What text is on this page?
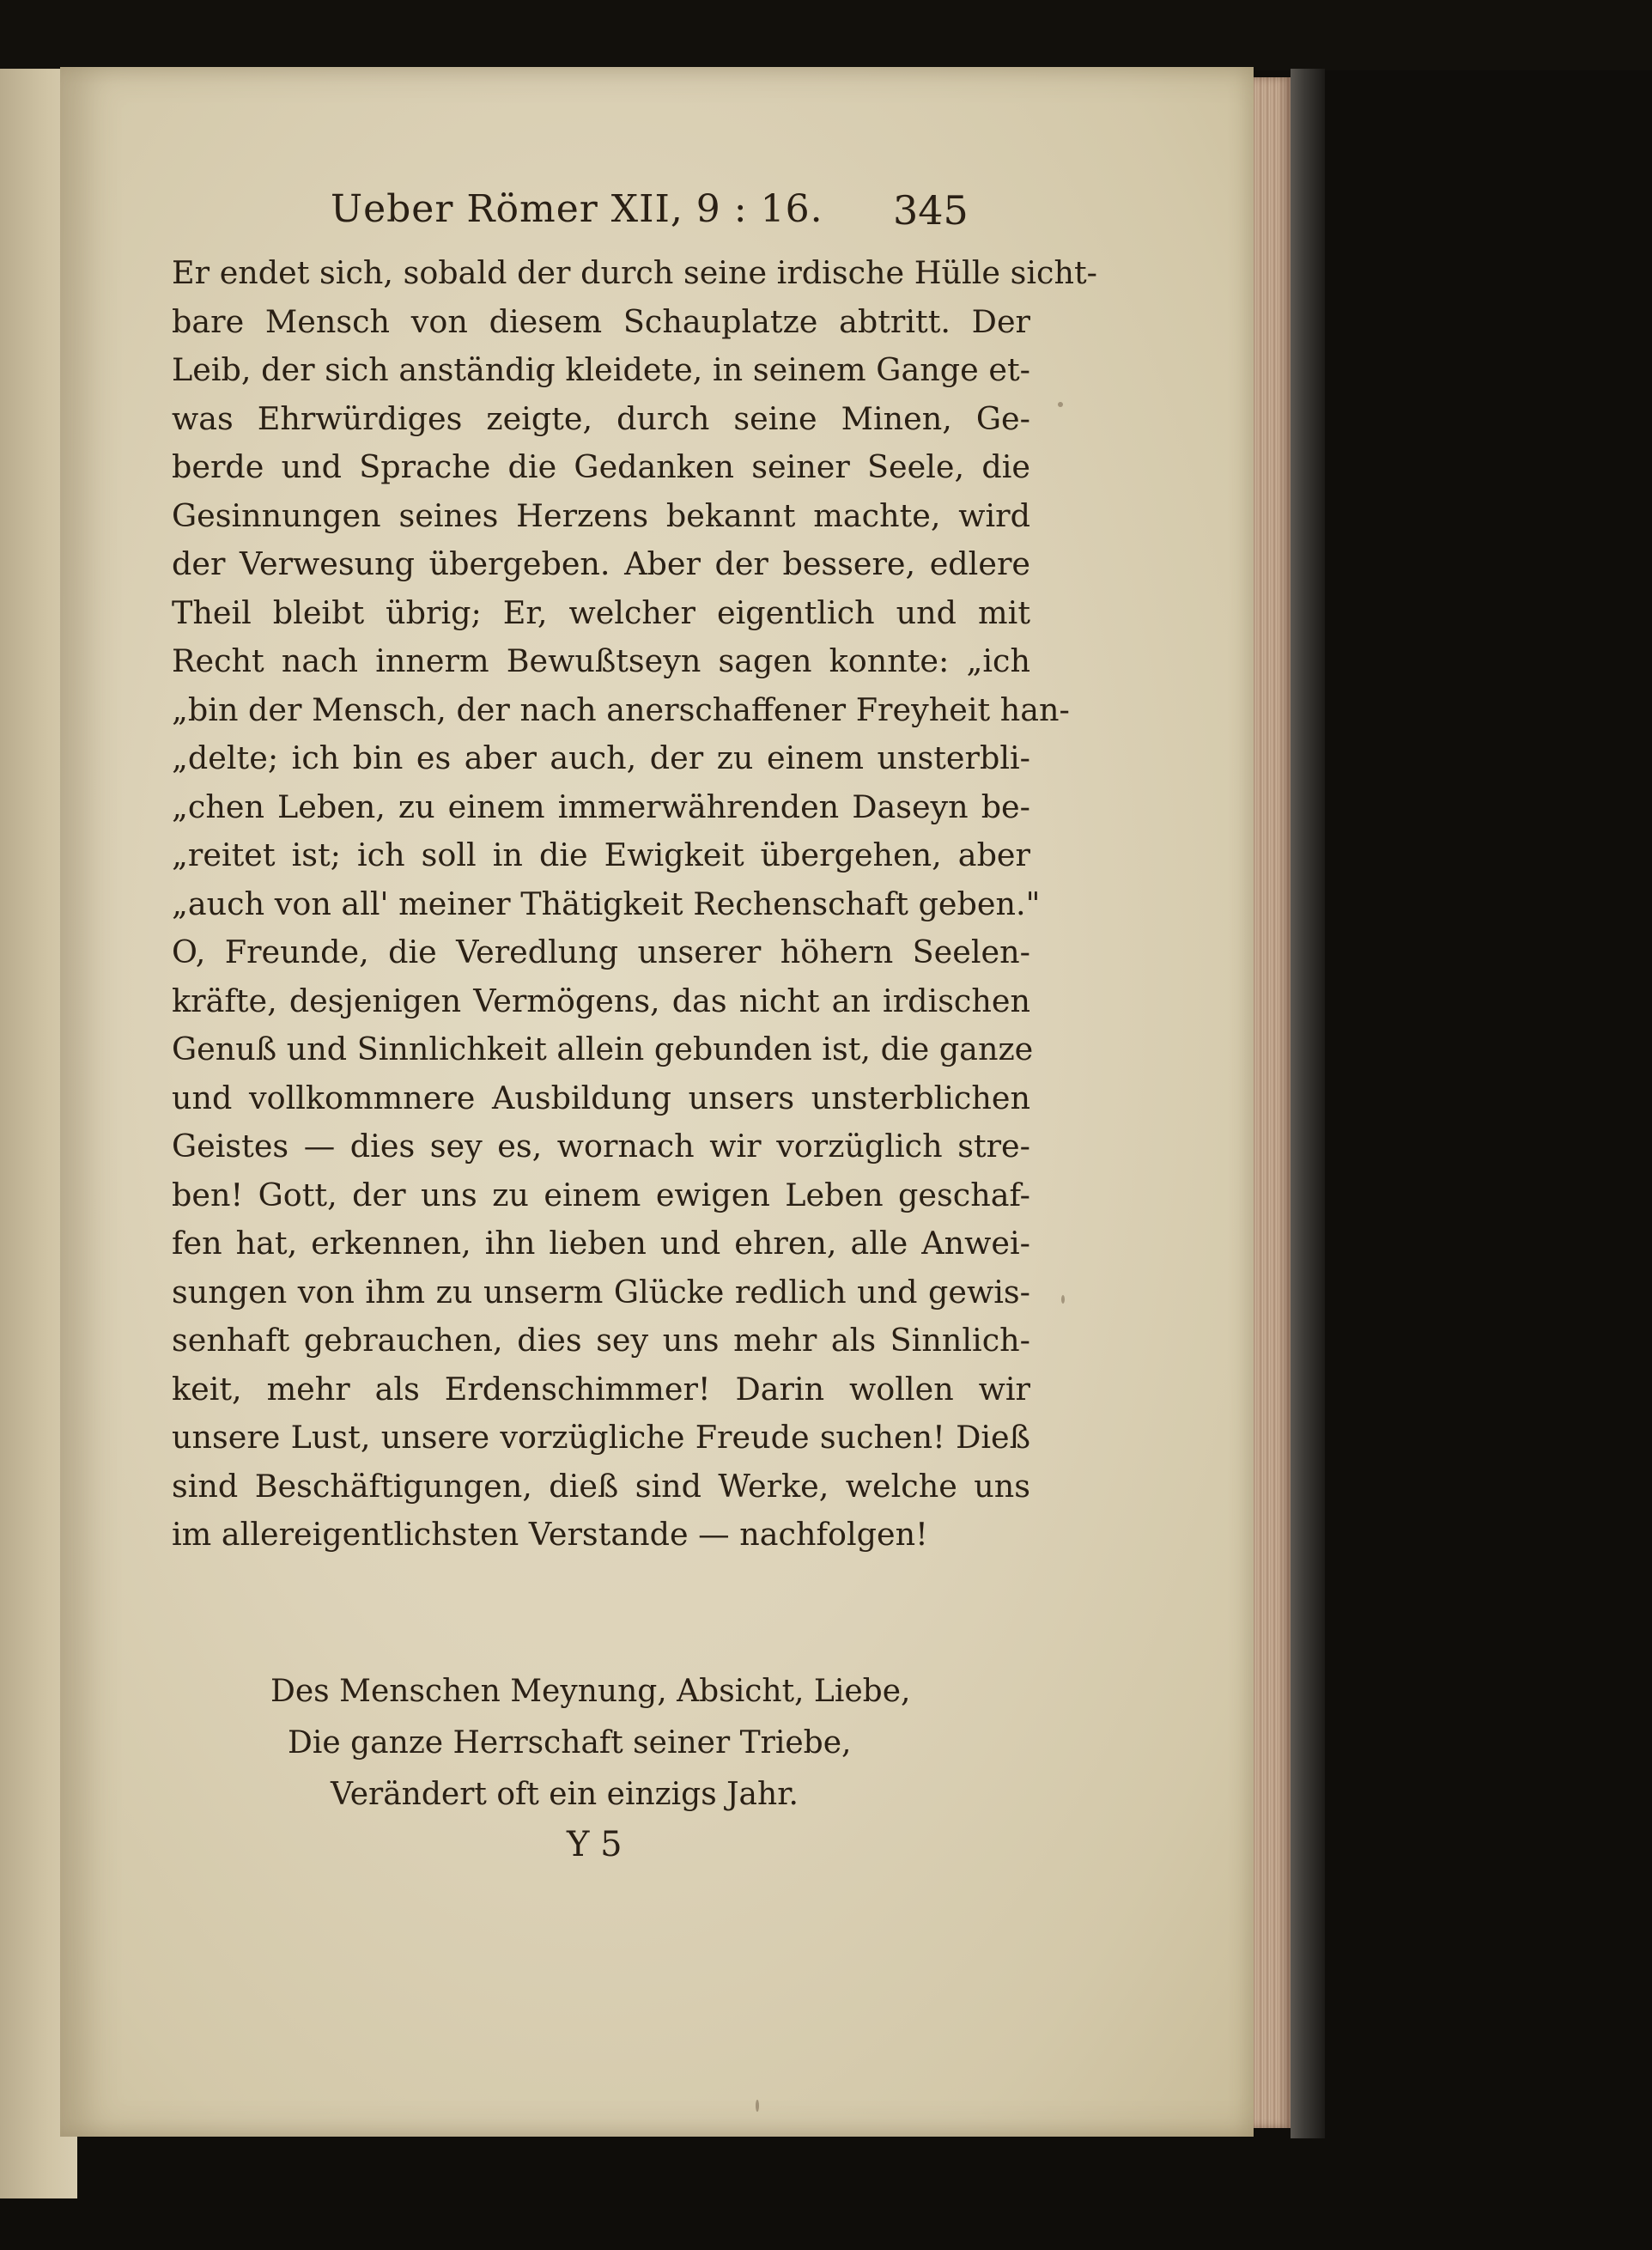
Ueber Römer XII, 9 : 16.	345
Er endet sich, sobald der durch seine irdische Hülle sicht-
bare Mensch von diesem Schauplatze abtritt. Der
Leib, der sich anständig kleidete, in seinem Gange et-
was Ehrwürdiges zeigte, durch seine Minen, Ge-
berde und Sprache die Gedanken seiner Seele, die
Gesinnungen seines Herzens bekannt machte, wird
der Verwesung übergeben. Aber der bessere, edlere
Theil bleibt übrig; Er, welcher eigentlich und mit
Recht nach innerm Bewußtseyn sagen konnte: „ich
„bin der Mensch, der nach anerschaffener Freyheit han-
„delte; ich bin es aber auch, der zu einem unsterbli-
„chen Leben, zu einem immerwährenden Daseyn be-
„reitet ist; ich soll in die Ewigkeit übergehen, aber
„auch von all' meiner Thätigkeit Rechenschaft geben."
O, Freunde, die Veredlung unserer höhern Seelen-
kräfte, desjenigen Vermögens, das nicht an irdischen
Genuß und Sinnlichkeit allein gebunden ist, die ganze
und vollkommnere Ausbildung unsers unsterblichen
Geistes — dies sey es, wornach wir vorzüglich stre-
ben! Gott, der uns zu einem ewigen Leben geschaf-
fen hat, erkennen, ihn lieben und ehren, alle Anwei-
sungen von ihm zu unserm Glücke redlich und gewis-
senhaft gebrauchen, dies sey uns mehr als Sinnlich-
keit, mehr als Erdenschimmer! Darin wollen wir
unsere Lust, unsere vorzügliche Freude suchen! Dieß
sind Beschäftigungen, dieß sind Werke, welche uns
im allereigentlichsten Verstande — nachfolgen!
Des Menschen Meynung, Absicht, Liebe,
Die ganze Herrschaft seiner Triebe,
Verändert oft ein einzigs Jahr.
Y 5
